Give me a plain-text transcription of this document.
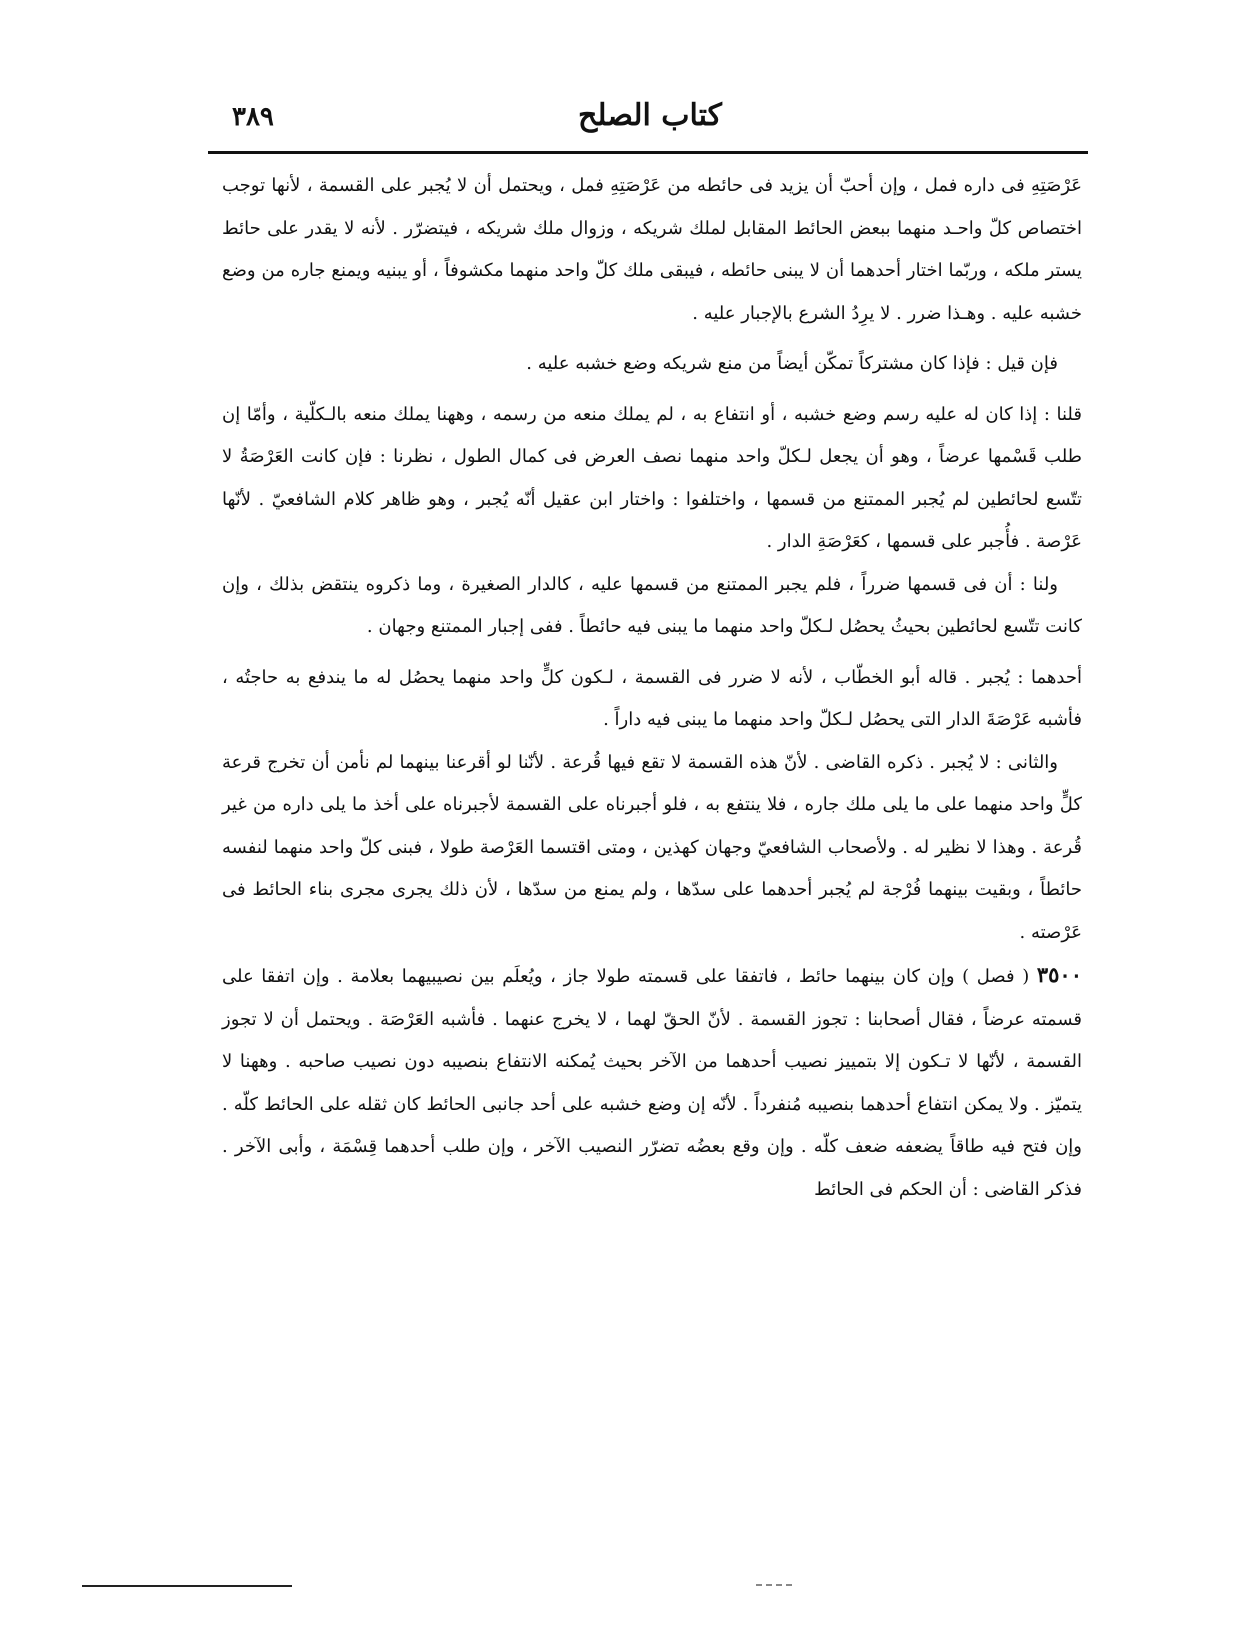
٣٨٩	كتاب الصلح

عَرْصَتِهِ فى داره فمل ، وإن أحبّ أن يزيد فى حائطه من عَرْصَتِهِ فمل ، ويحتمل أن لا يُجبر على القسمة ، لأنها توجب اختصاص كلّ واحـد منهما ببعض الحائط المقابل لملك شريكه ، وزوال ملك شريكه ، فيتضرّر . لأنه لا يقدر على حائط يستر ملكه ، وربّما اختار أحدهما أن لا يبنى حائطه ، فيبقى ملك كلّ واحد منهما مكشوفاً ، أو يبنيه ويمنع جاره من وضع خشبه عليه . وهـذا ضرر . لا يرِدُ الشرع بالإجبار عليه .

فإن قيل : فإذا كان مشتركاً تمكّن أيضاً من منع شريكه وضع خشبه عليه .

قلنا : إذا كان له عليه رسم وضع خشبه ، أو انتفاع به ، لم يملك منعه من رسمه ، وههنا يملك منعه بالـكلّية ، وأمّا إن طلب قَسْمها عرضاً ، وهو أن يجعل لـكلّ واحد منهما نصف العرض فى كمال الطول ، نظرنا : فإن كانت العَرْصَةُ لا تتّسع لحائطين لم يُجبر الممتنع من قسمها ، واختلفوا : واختار ابن عقيل أنّه يُجبر ، وهو ظاهر كلام الشافعيّ . لأنّها عَرْصة . فأُجبر على قسمها ، كعَرْصَةِ الدار .

ولنا : أن فى قسمها ضرراً ، فلم يجبر الممتنع من قسمها عليه ، كالدار الصغيرة ، وما ذكروه ينتقض بذلك ، وإن كانت تتّسع لحائطين بحيثُ يحصُل لـكلّ واحد منهما ما يبنى فيه حائطاً . ففى إجبار الممتنع وجهان .

أحدهما : يُجبر . قاله أبو الخطّاب ، لأنه لا ضرر فى القسمة ، لـكون كلٍّ واحد منهما يحصُل له ما يندفع به حاجتُه ، فأشبه عَرْصَةَ الدار التى يحصُل لـكلّ واحد منهما ما يبنى فيه داراً .

والثانى : لا يُجبر . ذكره القاضى . لأنّ هذه القسمة لا تقع فيها قُرعة . لأنّنا لو أقرعنا بينهما لم نأمن أن تخرج قرعة كلٍّ واحد منهما على ما يلى ملك جاره ، فلا ينتفع به ، فلو أجبرناه على القسمة لأجبرناه على أخذ ما يلى داره من غير قُرعة . وهذا لا نظير له . ولأصحاب الشافعيّ وجهان كهذين ، ومتى اقتسما العَرْصة طولا ، فبنى كلّ واحد منهما لنفسه حائطاً ، وبقيت بينهما فُرْجة لم يُجبر أحدهما على سدّها ، ولم يمنع من سدّها ، لأن ذلك يجرى مجرى بناء الحائط فى عَرْصته .

٣٥٠٠ ( فصل ) وإن كان بينهما حائط ، فاتفقا على قسمته طولا جاز ، ويُعلَم بين نصيبيهما بعلامة . وإن اتفقا على قسمته عرضاً ، فقال أصحابنا : تجوز القسمة . لأنّ الحقّ لهما ، لا يخرج عنهما . فأشبه العَرْصَة . ويحتمل أن لا تجوز القسمة ، لأنّها لا تـكون إلا بتمييز نصيب أحدهما من الآخر بحيث يُمكنه الانتفاع بنصيبه دون نصيب صاحبه . وههنا لا يتميّز . ولا يمكن انتفاع أحدهما بنصيبه مُنفرداً . لأنّه إن وضع خشبه على أحد جانبى الحائط كان ثقله على الحائط كلّه . وإن فتح فيه طاقاً يضعفه ضعف كلّه . وإن وقع بعضُه تضرّر النصيب الآخر ، وإن طلب أحدهما قِسْمَة ، وأبى الآخر . فذكر القاضى : أن الحكم فى الحائط
